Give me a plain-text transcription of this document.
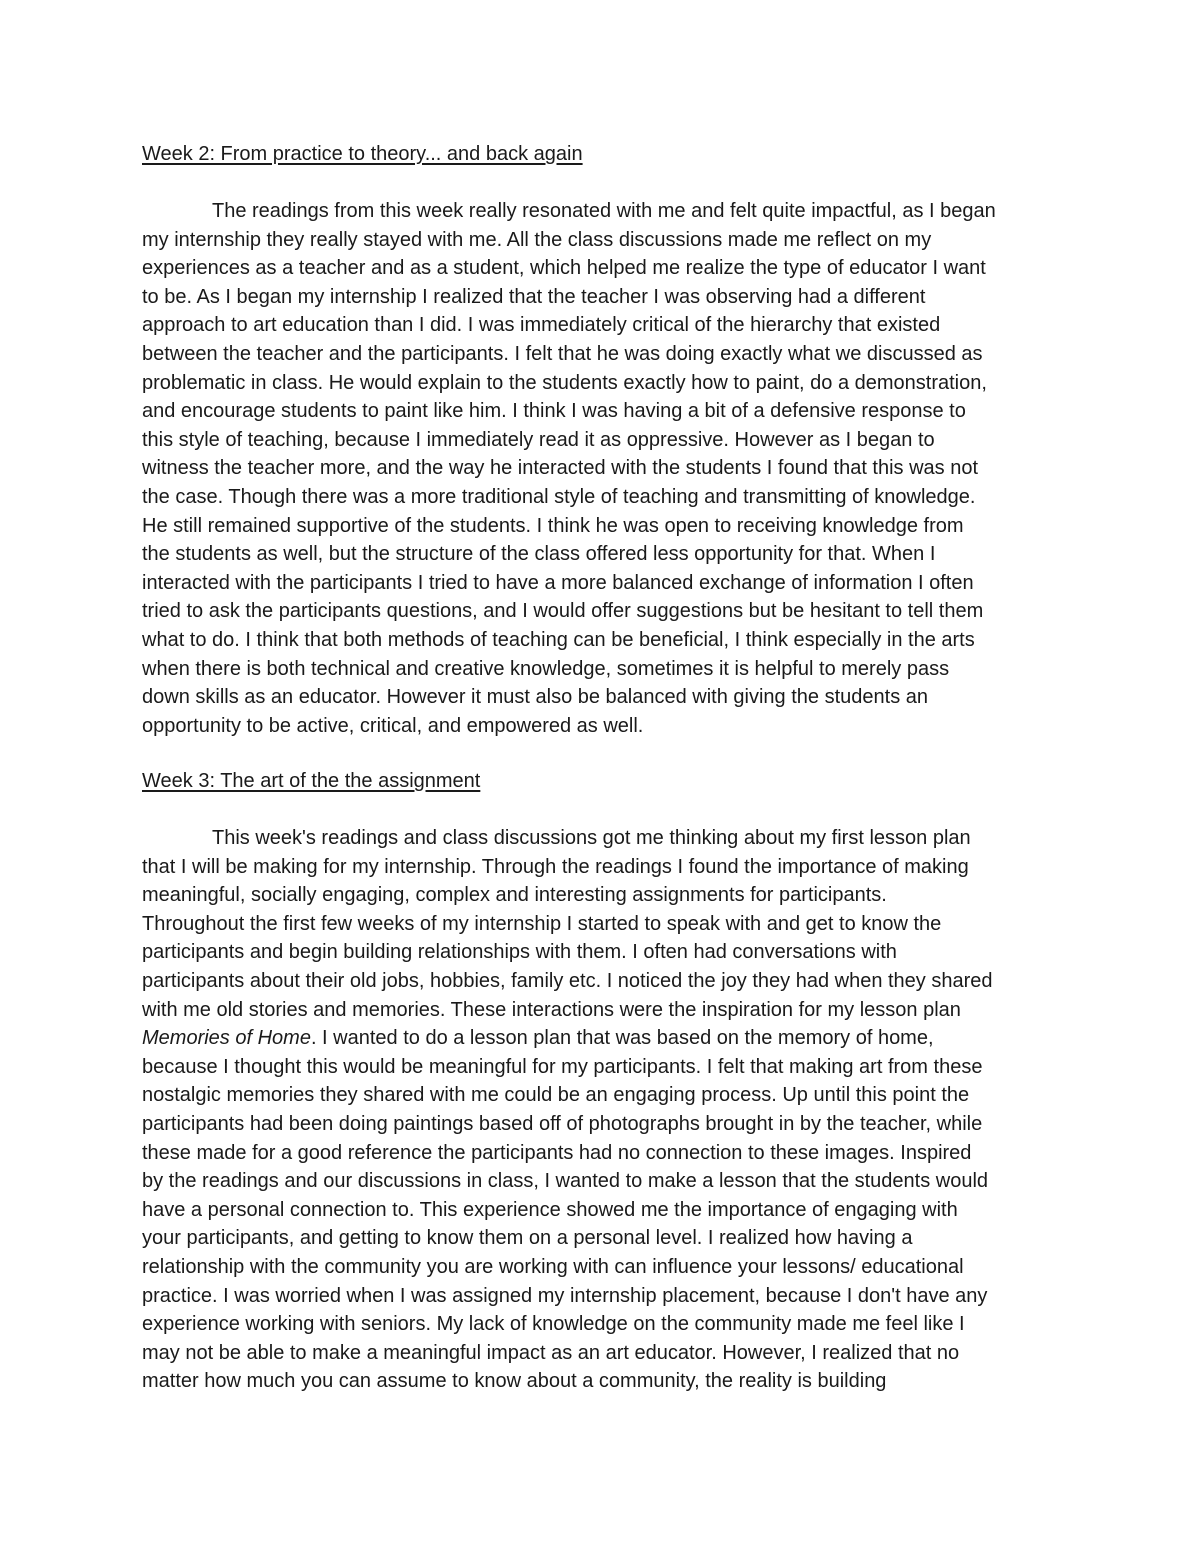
Week 2: From practice to theory... and back again
The readings from this week really resonated with me and felt quite impactful, as I began
my internship they really stayed with me. All the class discussions made me reflect on my
experiences as a teacher and as a student, which helped me realize the type of educator I want
to be. As I began my internship I realized that the teacher I was observing had a different
approach to art education than I did. I was immediately critical of the hierarchy that existed
between the teacher and the participants. I felt that he was doing exactly what we discussed as
problematic in class. He would explain to the students exactly how to paint, do a demonstration,
and encourage students to paint like him. I think I was having a bit of a defensive response to
this style of teaching, because I immediately read it as oppressive. However as I began to
witness the teacher more, and the way he interacted with the students I found that this was not
the case. Though there was a more traditional style of teaching and transmitting of knowledge.
He still remained supportive of the students. I think he was open to receiving knowledge from
the students as well, but the structure of the class offered less opportunity for that. When I
interacted with the participants I tried to have a more balanced exchange of information I often
tried to ask the participants questions, and I would offer suggestions but be hesitant to tell them
what to do. I think that both methods of teaching can be beneficial, I think especially in the arts
when there is both technical and creative knowledge, sometimes it is helpful to merely pass
down skills as an educator. However it must also be balanced with giving the students an
opportunity to be active, critical, and empowered as well.
Week 3: The art of the the assignment
This week's readings and class discussions got me thinking about my first lesson plan
that I will be making for my internship. Through the readings I found the importance of making
meaningful, socially engaging, complex and interesting assignments for participants.
Throughout the first few weeks of my internship I started to speak with and get to know the
participants and begin building relationships with them. I often had conversations with
participants about their old jobs, hobbies, family etc. I noticed the joy they had when they shared
with me old stories and memories. These interactions were the inspiration for my lesson plan
Memories of Home. I wanted to do a lesson plan that was based on the memory of home,
because I thought this would be meaningful for my participants. I felt that making art from these
nostalgic memories they shared with me could be an engaging process. Up until this point the
participants had been doing paintings based off of photographs brought in by the teacher, while
these made for a good reference the participants had no connection to these images. Inspired
by the readings and our discussions in class, I wanted to make a lesson that the students would
have a personal connection to. This experience showed me the importance of engaging with
your participants, and getting to know them on a personal level. I realized how having a
relationship with the community you are working with can influence your lessons/ educational
practice. I was worried when I was assigned my internship placement, because I don't have any
experience working with seniors. My lack of knowledge on the community made me feel like I
may not be able to make a meaningful impact as an art educator. However, I realized that no
matter how much you can assume to know about a community, the reality is building
